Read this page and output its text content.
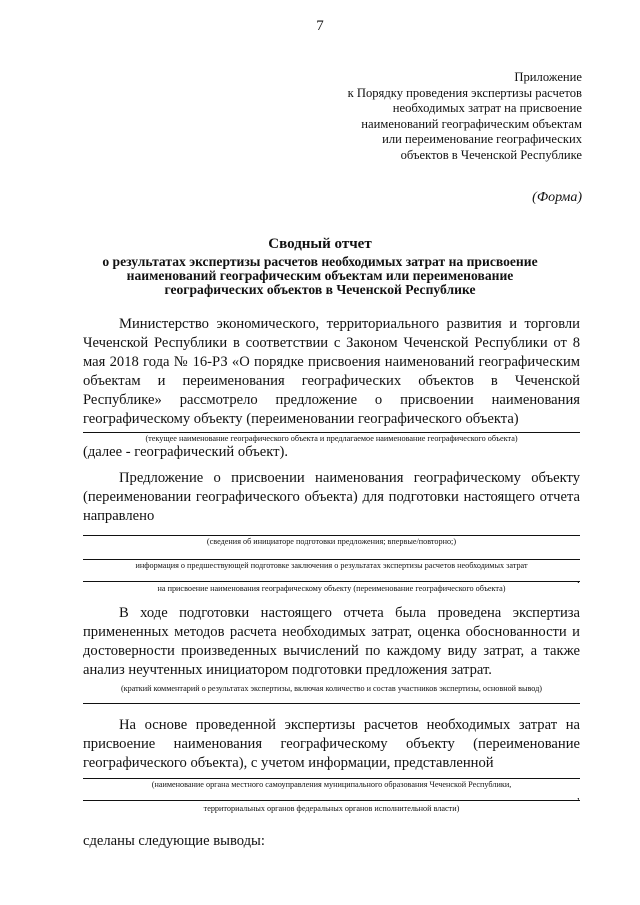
7
Приложение
к Порядку проведения экспертизы расчетов
необходимых затрат на присвоение
наименований географическим объектам
или переименование географических
объектов в Чеченской Республике
(Форма)
Сводный отчет
о результатах экспертизы расчетов необходимых затрат на присвоение наименований географическим объектам или переименование географических объектов в Чеченской Республике
Министерство экономического, территориального развития и торговли Чеченской Республики в соответствии с Законом Чеченской Республики от 8 мая 2018 года № 16-РЗ «О порядке присвоения наименований географическим объектам и переименования географических объектов в Чеченской Республике» рассмотрело предложение о присвоении наименования географическому объекту (переименовании географического объекта)
(текущее наименование географического объекта и предлагаемое наименование географического объекта)
(далее - географический объект).
Предложение о присвоении наименования географическому объекту (переименовании географического объекта) для подготовки настоящего отчета направлено
(сведения об инициаторе подготовки предложения; впервые/повторно;)
информация о предшествующей подготовке заключения о результатах экспертизы расчетов необходимых затрат
.
на присвоение наименования географическому объекту (переименование географического объекта)
В ходе подготовки настоящего отчета была проведена экспертиза примененных методов расчета необходимых затрат, оценка обоснованности и достоверности произведенных вычислений по каждому виду затрат, а также анализ неучтенных инициатором подготовки предложения затрат.
(краткий комментарий о результатах экспертизы, включая количество и состав участников экспертизы, основной вывод)
На основе проведенной экспертизы расчетов необходимых затрат на присвоение наименования географическому объекту (переименование географического объекта), с учетом информации, представленной
(наименование органа местного самоуправления муниципального образования Чеченской Республики,
,
территориальных органов федеральных органов исполнительной власти)
сделаны следующие выводы:
